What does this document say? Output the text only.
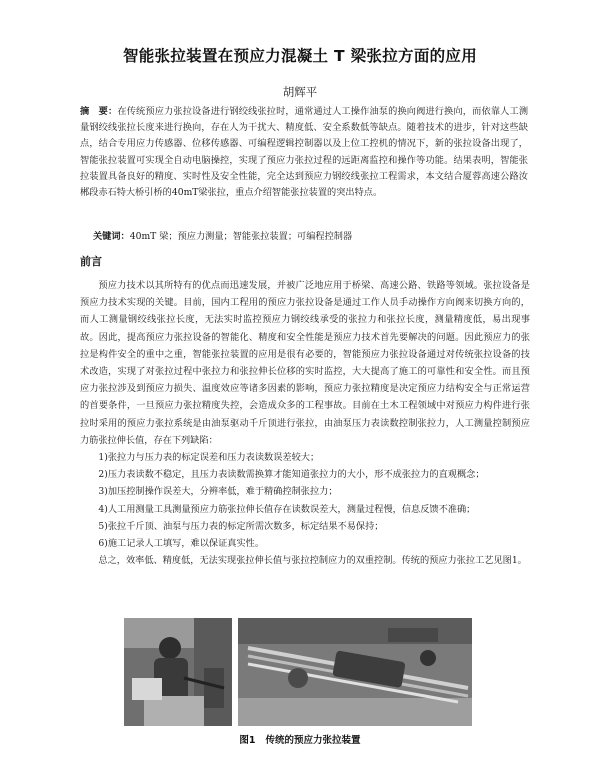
智能张拉装置在预应力混凝土 T 梁张拉方面的应用
胡辉平
摘　要：在传统预应力张拉设备进行钢绞线张拉时，通常通过人工操作油泵的换向阀进行换向，而依靠人工测量钢绞线张拉长度来进行换向，存在人为干扰大、精度低、安全系数低等缺点。随着技术的进步，针对这些缺点，结合专用应力传感器、位移传感器、可编程逻辑控制器以及上位工控机的情况下，新的张拉设备出现了，智能张拉装置可实现全自动电脑操控，实现了预应力张拉过程的远距离监控和操作等功能。结果表明，智能张拉装置具备良好的精度、实时性及安全性能，完全达到预应力钢绞线张拉工程需求，本文结合厦蓉高速公路汝郴段赤石特大桥引桥的40mT梁张拉，重点介绍智能张拉装置的突出特点。
关键词：40mT 梁；预应力测量；智能张拉装置；可编程控制器
前言

预应力技术以其所特有的优点而迅速发展，并被广泛地应用于桥梁、高速公路、铁路等领域。张拉设备是预应力技术实现的关键。目前，国内工程用的预应力张拉设备是通过工作人员手动操作方向阀来切换方向的，而人工测量钢绞线张拉长度，无法实时监控预应力钢绞线承受的张拉力和张拉长度，测量精度低，易出现事故。因此，提高预应力张拉设备的智能化、精度和安全性能是预应力技术首先要解决的问题。因此预应力的张拉是构件安全的重中之重，智能张拉装置的应用是很有必要的，智能预应力张拉设备通过对传统张拉设备的技术改造，实现了对张拉过程中张拉力和张拉伸长位移的实时监控，大大提高了施工的可靠性和安全性。而且预应力张拉涉及到预应力损失、温度效应等诸多因素的影响，预应力张拉精度是决定预应力结构安全与正常运营的首要条件，一旦预应力张拉精度失控，会造成众多的工程事故。目前在土木工程领域中对预应力构件进行张拉时采用的预应力张拉系统是由油泵驱动千斤顶进行张拉，由油泵压力表读数控制张拉力，人工测量控制预应力筋张拉伸长值，存在下列缺陷：

1)张拉力与压力表的标定误差和压力表读数误差较大；

2)压力表读数不稳定，且压力表读数需换算才能知道张拉力的大小，形不成张拉力的直观概念；

3)加压控制操作误差大，分辨率低，难于精确控制张拉力；

4)人工用测量工具测量预应力筋张拉伸长值存在读数误差大，测量过程慢，信息反馈不准确；

5)张拉千斤顶、油泵与压力表的标定所需次数多，标定结果不易保持；

6)施工记录人工填写，难以保证真实性。

总之，效率低、精度低，无法实现张拉伸长值与张拉控制应力的双重控制。传统的预应力张拉工艺见图1。

图1 传统的预应力张拉装置
